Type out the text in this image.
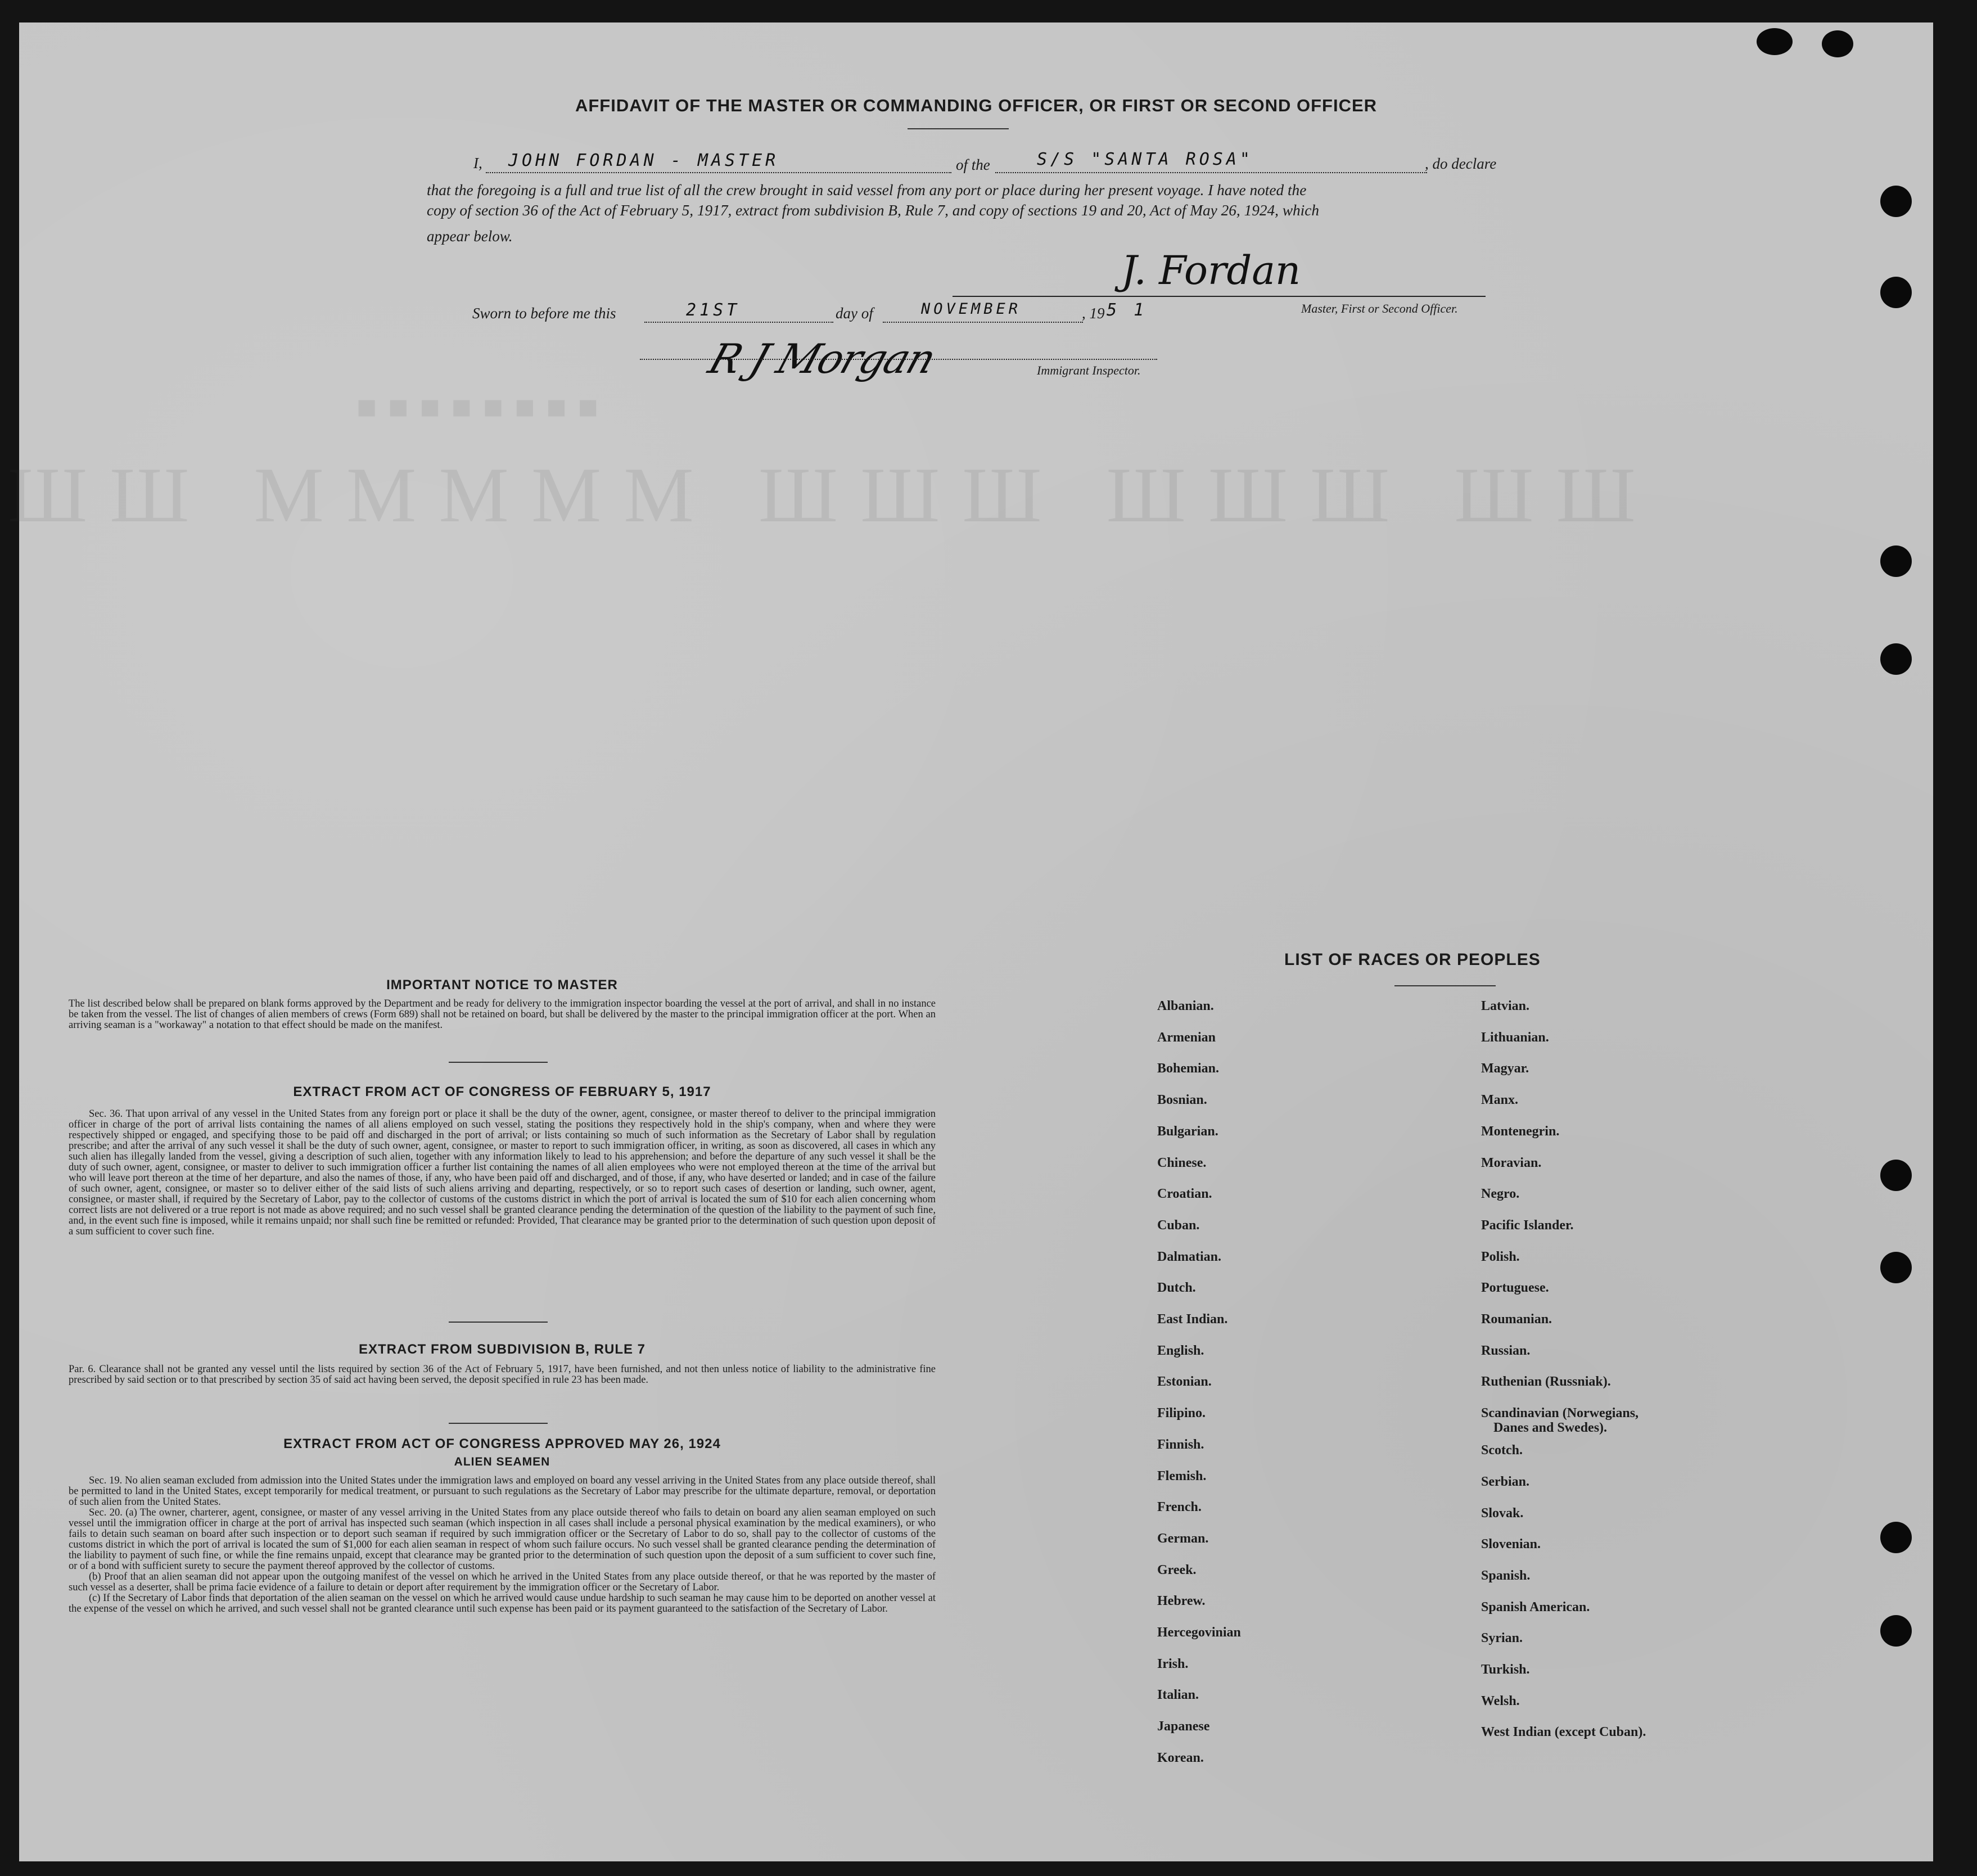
ШШ MMMMM ШШШ ШШШ ШШ
■■■■■■■■
AFFIDAVIT OF THE MASTER OR COMMANDING OFFICER, OR FIRST OR SECOND OFFICER
I, JOHN FORDAN - MASTER	of the	S/S "SANTA ROSA"	, do declare
that the foregoing is a full and true list of all the crew brought in said vessel from any port or place during her present voyage. I have noted the
copy of section 36 of the Act of February 5, 1917, extract from subdivision B, Rule 7, and copy of sections 19 and 20, Act of May 26, 1924, which
appear below.
J. Fordan
Master, First or Second Officer.
Sworn to before me this	21ST	day of	NOVEMBER	, 19 5 1
R J Morgan	Immigrant Inspector.
IMPORTANT NOTICE TO MASTER
The list described below shall be prepared on blank forms approved by the Department and be ready for delivery to the immigration inspector boarding the vessel at the port of arrival, and shall in no instance be taken from the vessel. The list of changes of alien members of crews (Form 689) shall not be retained on board, but shall be delivered by the master to the principal immigration officer at the port. When an arriving seaman is a "workaway" a notation to that effect should be made on the manifest.
EXTRACT FROM ACT OF CONGRESS OF FEBRUARY 5, 1917
Sec. 36. That upon arrival of any vessel in the United States from any foreign port or place it shall be the duty of the owner, agent, consignee, or master thereof to deliver to the principal immigration officer in charge of the port of arrival lists containing the names of all aliens employed on such vessel, stating the positions they respectively hold in the ship's company, when and where they were respectively shipped or engaged, and specifying those to be paid off and discharged in the port of arrival; or lists containing so much of such information as the Secretary of Labor shall by regulation prescribe; and after the arrival of any such vessel it shall be the duty of such owner, agent, consignee, or master to report to such immigration officer, in writing, as soon as discovered, all cases in which any such alien has illegally landed from the vessel, giving a description of such alien, together with any information likely to lead to his apprehension; and before the departure of any such vessel it shall be the duty of such owner, agent, consignee, or master to deliver to such immigration officer a further list containing the names of all alien employees who were not employed thereon at the time of the arrival but who will leave port thereon at the time of her departure, and also the names of those, if any, who have been paid off and discharged, and of those, if any, who have deserted or landed; and in case of the failure of such owner, agent, consignee, or master so to deliver either of the said lists of such aliens arriving and departing, respectively, or so to report such cases of desertion or landing, such owner, agent, consignee, or master shall, if required by the Secretary of Labor, pay to the collector of customs of the customs district in which the port of arrival is located the sum of $10 for each alien concerning whom correct lists are not delivered or a true report is not made as above required; and no such vessel shall be granted clearance pending the determination of the question of the liability to the payment of such fine, and, in the event such fine is imposed, while it remains unpaid; nor shall such fine be remitted or refunded: Provided, That clearance may be granted prior to the determination of such question upon deposit of a sum sufficient to cover such fine.
EXTRACT FROM SUBDIVISION B, RULE 7
Par. 6. Clearance shall not be granted any vessel until the lists required by section 36 of the Act of February 5, 1917, have been furnished, and not then unless notice of liability to the administrative fine prescribed by said section or to that prescribed by section 35 of said act having been served, the deposit specified in rule 23 has been made.
EXTRACT FROM ACT OF CONGRESS APPROVED MAY 26, 1924
ALIEN SEAMEN
Sec. 19. No alien seaman excluded from admission into the United States under the immigration laws and employed on board any vessel arriving in the United States from any place outside thereof, shall be permitted to land in the United States, except temporarily for medical treatment, or pursuant to such regulations as the Secretary of Labor may prescribe for the ultimate departure, removal, or deportation of such alien from the United States.
Sec. 20. (a) The owner, charterer, agent, consignee, or master of any vessel arriving in the United States from any place outside thereof who fails to detain on board any alien seaman employed on such vessel until the immigration officer in charge at the port of arrival has inspected such seaman (which inspection in all cases shall include a personal physical examination by the medical examiners), or who fails to detain such seaman on board after such inspection or to deport such seaman if required by such immigration officer or the Secretary of Labor to do so, shall pay to the collector of customs of the customs district in which the port of arrival is located the sum of $1,000 for each alien seaman in respect of whom such failure occurs. No such vessel shall be granted clearance pending the determination of the liability to payment of such fine, or while the fine remains unpaid, except that clearance may be granted prior to the determination of such question upon the deposit of a sum sufficient to cover such fine, or of a bond with sufficient surety to secure the payment thereof approved by the collector of customs.
(b) Proof that an alien seaman did not appear upon the outgoing manifest of the vessel on which he arrived in the United States from any place outside thereof, or that he was reported by the master of such vessel as a deserter, shall be prima facie evidence of a failure to detain or deport after requirement by the immigration officer or the Secretary of Labor.
(c) If the Secretary of Labor finds that deportation of the alien seaman on the vessel on which he arrived would cause undue hardship to such seaman he may cause him to be deported on another vessel at the expense of the vessel on which he arrived, and such vessel shall not be granted clearance until such expense has been paid or its payment guaranteed to the satisfaction of the Secretary of Labor.
LIST OF RACES OR PEOPLES
Albanian.
Armenian
Bohemian.
Bosnian.
Bulgarian.
Chinese.
Croatian.
Cuban.
Dalmatian.
Dutch.
East Indian.
English.
Estonian.
Filipino.
Finnish.
Flemish.
French.
German.
Greek.
Hebrew.
Hercegovinian
Irish.
Italian.
Japanese
Korean.
Latvian.
Lithuanian.
Magyar.
Manx.
Montenegrin.
Moravian.
Negro.
Pacific Islander.
Polish.
Portuguese.
Roumanian.
Russian.
Ruthenian (Russniak).
Scandinavian (Norwegians,
Danes and Swedes).
Scotch.
Serbian.
Slovak.
Slovenian.
Spanish.
Spanish American.
Syrian.
Turkish.
Welsh.
West Indian (except Cuban).
